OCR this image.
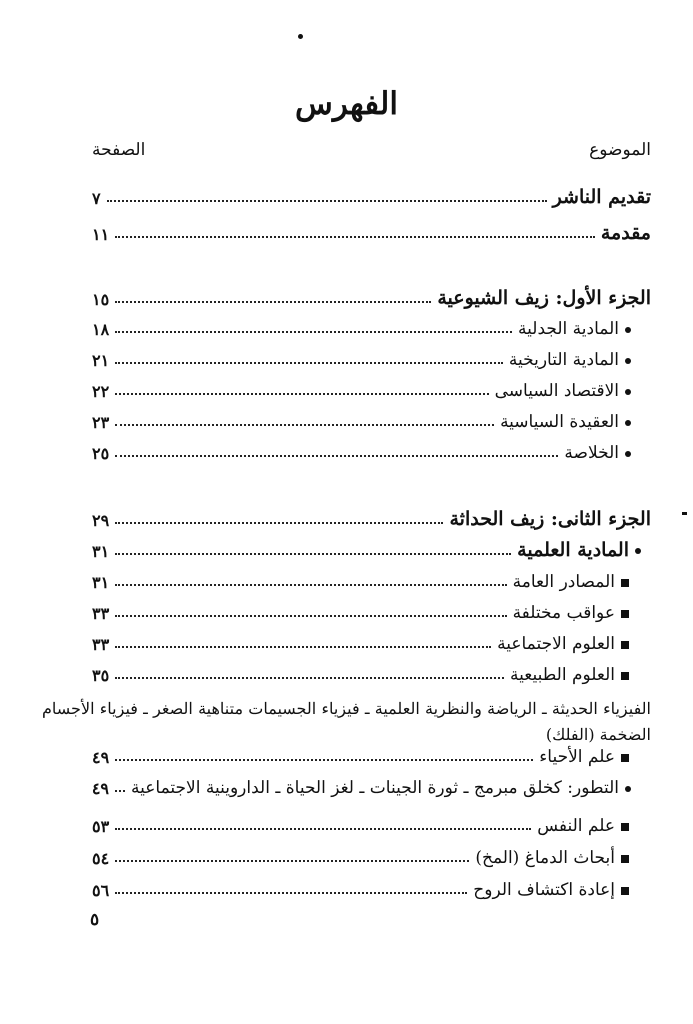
الفهرس
الموضوع
الصفحة
تقديم الناشر
٧
مقدمة
١١
الجزء الأول: زيف الشيوعية
١٥
المادية الجدلية
١٨
المادية التاريخية
٢١
الاقتصاد السياسى
٢٢
العقيدة السياسية
٢٣
الخلاصة
٢٥
الجزء الثانى: زيف الحداثة
٢٩
المادية العلمية
٣١
المصادر العامة
٣١
عواقب مختلفة
٣٣
العلوم الاجتماعية
٣٣
العلوم الطبيعية
٣٥
علم الأحياء
٤٩
التطور: كخلق مبرمج ـ ثورة الجينات ـ لغز الحياة ـ الداروينية الاجتماعية
٤٩
علم النفس
٥٣
أبحاث الدماغ (المخ)
٥٤
إعادة اكتشاف الروح
٥٦
الفيزياء الحديثة ـ الرياضة والنظرية العلمية ـ فيزياء الجسيمات متناهية الصغر ـ فيزياء الأجسام الضخمة (الفلك)
٥
